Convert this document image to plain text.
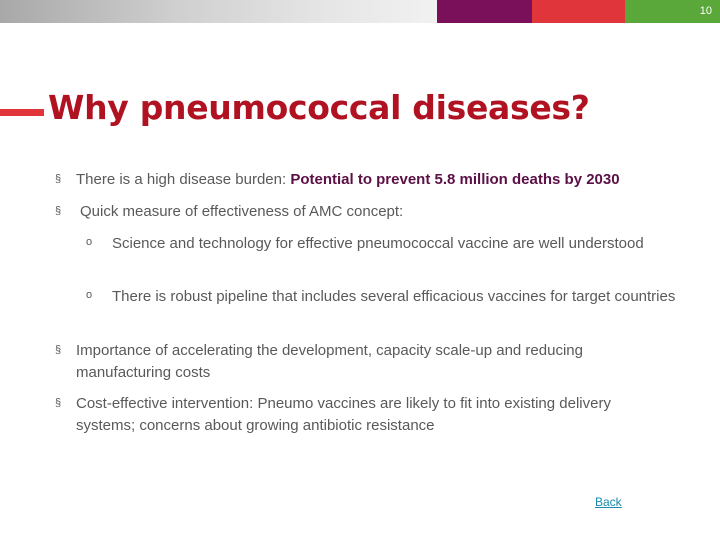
10
Why pneumococcal diseases?
§ There is a high disease burden: Potential to prevent 5.8 million deaths by 2030
§ Quick measure of effectiveness of AMC concept:
o Science and technology for effective pneumococcal vaccine are well understood
o There is robust pipeline that includes several efficacious vaccines for target countries
§ Importance of accelerating the development, capacity scale-up and reducing manufacturing costs
§ Cost-effective intervention: Pneumo vaccines are likely to fit into existing delivery systems; concerns about growing antibiotic resistance
Back
